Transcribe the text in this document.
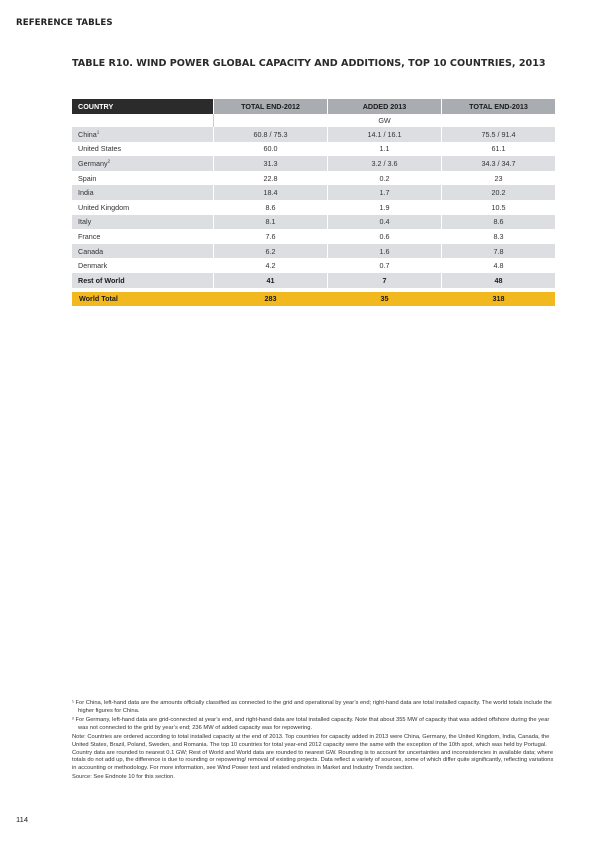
REFERENCE TABLES
TABLE R10. WIND POWER GLOBAL CAPACITY AND ADDITIONS, TOP 10 COUNTRIES, 2013
COUNTRY	TOTAL END-2012	ADDED 2013	TOTAL END-2013
	GW		
China$^1$	60.8 / 75.3	14.1 / 16.1	75.5 / 91.4
United States	60.0	1.1	61.1
Germany$^2$	31.3	3.2 / 3.6	34.3 / 34.7
Spain	22.8	0.2	23
India	18.4	1.7	20.2
United Kingdom	8.6	1.9	10.5
Italy	8.1	0.4	8.6
France	7.6	0.6	8.3
Canada	6.2	1.6	7.8
Denmark	4.2	0.7	4.8
Rest of World	41	7	48

World Total	283	35	318

¹ For China, left-hand data are the amounts officially classified as connected to the grid and operational by year’s end; right-hand data are total installed capacity. The world totals include the higher figures for China.

² For Germany, left-hand data are grid-connected at year’s end, and right-hand data are total installed capacity. Note that about 355 MW of capacity that was added offshore during the year was not connected to the grid by year’s end; 236 MW of added capacity was for repowering.

Note: Countries are ordered according to total installed capacity at the end of 2013. Top countries for capacity added in 2013 were China, Germany, the United Kingdom, India, Canada, the United States, Brazil, Poland, Sweden, and Romania. The top 10 countries for total year-end 2012 capacity were the same with the exception of the 10th spot, which was held by Portugal. Country data are rounded to nearest 0.1 GW; Rest of World and World data are rounded to nearest GW. Rounding is to account for uncertainties and inconsistencies in available data; where totals do not add up, the difference is due to rounding or repowering/ removal of existing projects. Data reflect a variety of sources, some of which differ quite significantly, reflecting variations in accounting or methodology. For more information, see Wind Power text and related endnotes in Market and Industry Trends section.

Source: See Endnote 10 for this section.

114
